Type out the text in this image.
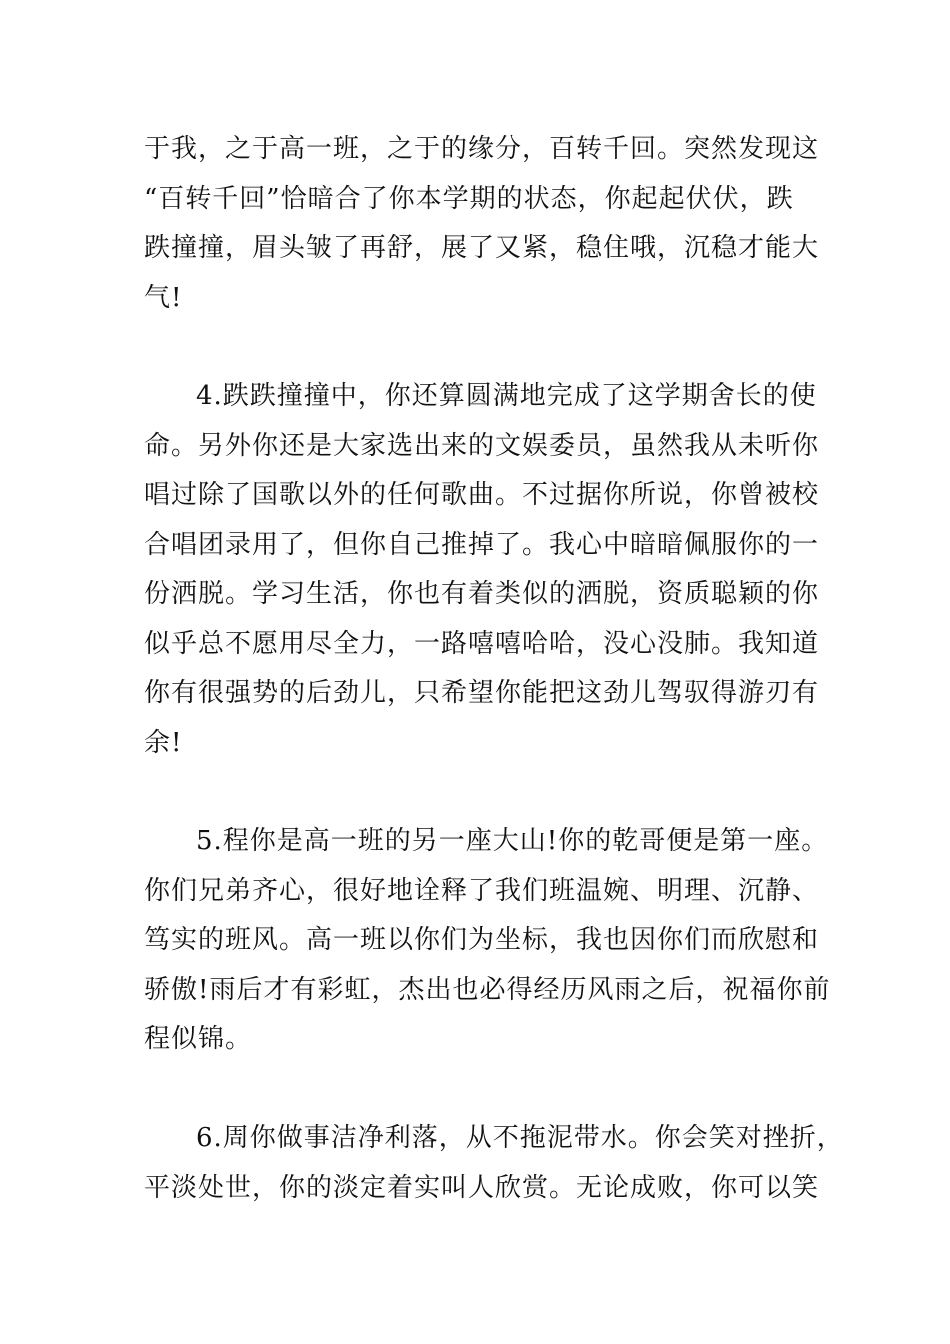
于我，之于高一班，之于的缘分，百转千回。突然发现这
“百转千回”恰暗合了你本学期的状态，你起起伏伏，跌
跌撞撞，眉头皱了再舒，展了又紧，稳住哦，沉稳才能大
气!

4.跌跌撞撞中，你还算圆满地完成了这学期舍长的使
命。另外你还是大家选出来的文娱委员，虽然我从未听你
唱过除了国歌以外的任何歌曲。不过据你所说，你曾被校
合唱团录用了，但你自己推掉了。我心中暗暗佩服你的一
份洒脱。学习生活，你也有着类似的洒脱，资质聪颖的你
似乎总不愿用尽全力，一路嘻嘻哈哈，没心没肺。我知道
你有很强势的后劲儿，只希望你能把这劲儿驾驭得游刃有
余!

5.程你是高一班的另一座大山!你的乾哥便是第一座。
你们兄弟齐心，很好地诠释了我们班温婉、明理、沉静、
笃实的班风。高一班以你们为坐标，我也因你们而欣慰和
骄傲!雨后才有彩虹，杰出也必得经历风雨之后，祝福你前
程似锦。

6.周你做事洁净利落，从不拖泥带水。你会笑对挫折，
平淡处世，你的淡定着实叫人欣赏。无论成败，你可以笑
